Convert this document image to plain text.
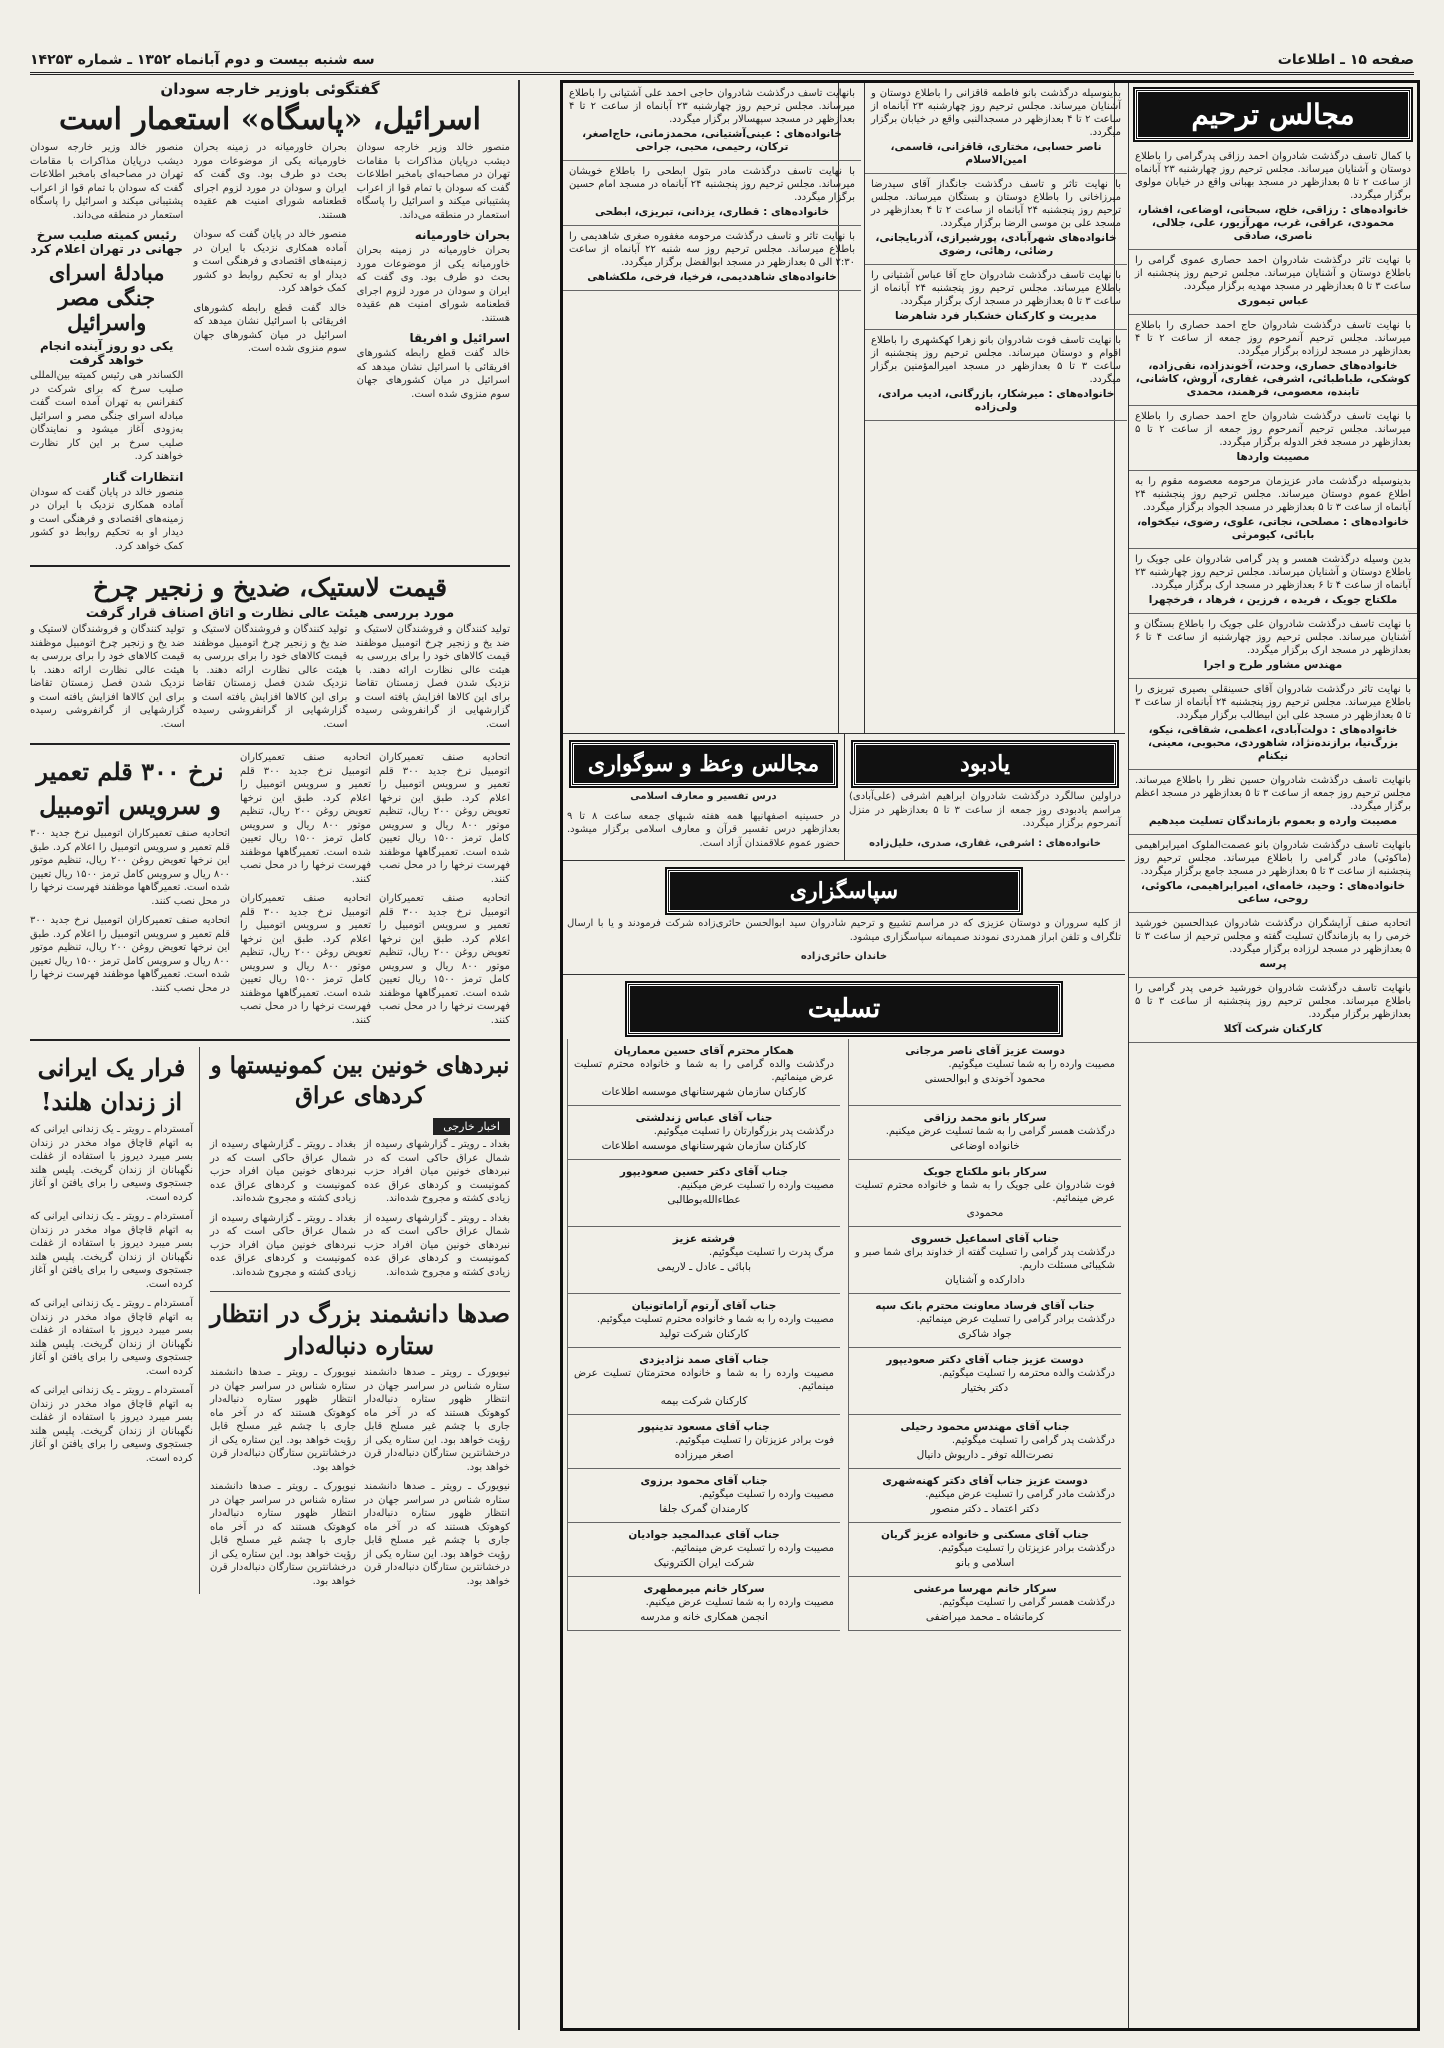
صفحه ۱۵ ـ اطلاعات
سه شنبه بیست و دوم آبانماه ۱۳۵۲ ـ شماره ۱۴۲۵۳
گفتگوئی باوزیر خارجه سودان
اسرائیل، «پاسگاه» استعمار است

منصور خالد وزیر خارجه سودان دیشب درپایان مذاکرات با مقامات تهران در مصاحبه‌ای بامخبر اطلاعات گفت که سودان با تمام قوا از اعراب پشتیبانی میکند و اسرائیل را پاسگاه استعمار در منطقه می‌داند.

بحران خاورمیانه

بحران خاورمیانه در زمینه بحران خاورمیانه یکی از موضوعات مورد بحث دو طرف بود. وی گفت که ایران و سودان در مورد لزوم اجرای قطعنامه شورای امنیت هم عقیده هستند.

اسرائیل و افریقا

خالد گفت قطع رابطه کشورهای افریقائی با اسرائیل نشان میدهد که اسرائیل در میان کشورهای جهان سوم منزوی شده است.

بحران خاورمیانه در زمینه بحران خاورمیانه یکی از موضوعات مورد بحث دو طرف بود. وی گفت که ایران و سودان در مورد لزوم اجرای قطعنامه شورای امنیت هم عقیده هستند.

منصور خالد در پایان گفت که سودان آماده همکاری نزدیک با ایران در زمینه‌های اقتصادی و فرهنگی است و دیدار او به تحکیم روابط دو کشور کمک خواهد کرد.

خالد گفت قطع رابطه کشورهای افریقائی با اسرائیل نشان میدهد که اسرائیل در میان کشورهای جهان سوم منزوی شده است.

منصور خالد وزیر خارجه سودان دیشب درپایان مذاکرات با مقامات تهران در مصاحبه‌ای بامخبر اطلاعات گفت که سودان با تمام قوا از اعراب پشتیبانی میکند و اسرائیل را پاسگاه استعمار در منطقه می‌داند.

رئیس کمیته صلیب سرخ جهانی در تهران اعلام کرد
مبادلهٔ اسرای جنگی مصر واسرائیل
یکی دو روز آینده انجام خواهد گرفت

الکساندر هی رئیس کمیته بین‌المللی صلیب سرخ که برای شرکت در کنفرانس به تهران آمده است گفت مبادله اسرای جنگی مصر و اسرائیل به‌زودی آغاز میشود و نمایندگان صلیب سرخ بر این کار نظارت خواهند کرد.

انتظارات گنار

منصور خالد در پایان گفت که سودان آماده همکاری نزدیک با ایران در زمینه‌های اقتصادی و فرهنگی است و دیدار او به تحکیم روابط دو کشور کمک خواهد کرد.

قیمت لاستیک، ضدیخ و زنجیر چرخ
مورد بررسی هیئت عالی نظارت و اتاق اصناف قرار گرفت

تولید کنندگان و فروشندگان لاستیک و ضد یخ و زنجیر چرخ اتومبیل موظفند قیمت کالاهای خود را برای بررسی به هیئت عالی نظارت ارائه دهند. با نزدیک شدن فصل زمستان تقاضا برای این کالاها افزایش یافته است و گزارشهایی از گرانفروشی رسیده است.

تولید کنندگان و فروشندگان لاستیک و ضد یخ و زنجیر چرخ اتومبیل موظفند قیمت کالاهای خود را برای بررسی به هیئت عالی نظارت ارائه دهند. با نزدیک شدن فصل زمستان تقاضا برای این کالاها افزایش یافته است و گزارشهایی از گرانفروشی رسیده است.

تولید کنندگان و فروشندگان لاستیک و ضد یخ و زنجیر چرخ اتومبیل موظفند قیمت کالاهای خود را برای بررسی به هیئت عالی نظارت ارائه دهند. با نزدیک شدن فصل زمستان تقاضا برای این کالاها افزایش یافته است و گزارشهایی از گرانفروشی رسیده است.

اتحادیه صنف تعمیرکاران اتومبیل نرخ جدید ۳۰۰ قلم تعمیر و سرویس اتومبیل را اعلام کرد. طبق این نرخها تعویض روغن ۲۰۰ ریال، تنظیم موتور ۸۰۰ ریال و سرویس کامل ترمز ۱۵۰۰ ریال تعیین شده است. تعمیرگاهها موظفند فهرست نرخها را در محل نصب کنند.

اتحادیه صنف تعمیرکاران اتومبیل نرخ جدید ۳۰۰ قلم تعمیر و سرویس اتومبیل را اعلام کرد. طبق این نرخها تعویض روغن ۲۰۰ ریال، تنظیم موتور ۸۰۰ ریال و سرویس کامل ترمز ۱۵۰۰ ریال تعیین شده است. تعمیرگاهها موظفند فهرست نرخها را در محل نصب کنند.

اتحادیه صنف تعمیرکاران اتومبیل نرخ جدید ۳۰۰ قلم تعمیر و سرویس اتومبیل را اعلام کرد. طبق این نرخها تعویض روغن ۲۰۰ ریال، تنظیم موتور ۸۰۰ ریال و سرویس کامل ترمز ۱۵۰۰ ریال تعیین شده است. تعمیرگاهها موظفند فهرست نرخها را در محل نصب کنند.

اتحادیه صنف تعمیرکاران اتومبیل نرخ جدید ۳۰۰ قلم تعمیر و سرویس اتومبیل را اعلام کرد. طبق این نرخها تعویض روغن ۲۰۰ ریال، تنظیم موتور ۸۰۰ ریال و سرویس کامل ترمز ۱۵۰۰ ریال تعیین شده است. تعمیرگاهها موظفند فهرست نرخها را در محل نصب کنند.

نرخ ۳۰۰ قلم تعمیر و سرویس اتومبیل

اتحادیه صنف تعمیرکاران اتومبیل نرخ جدید ۳۰۰ قلم تعمیر و سرویس اتومبیل را اعلام کرد. طبق این نرخها تعویض روغن ۲۰۰ ریال، تنظیم موتور ۸۰۰ ریال و سرویس کامل ترمز ۱۵۰۰ ریال تعیین شده است. تعمیرگاهها موظفند فهرست نرخها را در محل نصب کنند.

اتحادیه صنف تعمیرکاران اتومبیل نرخ جدید ۳۰۰ قلم تعمیر و سرویس اتومبیل را اعلام کرد. طبق این نرخها تعویض روغن ۲۰۰ ریال، تنظیم موتور ۸۰۰ ریال و سرویس کامل ترمز ۱۵۰۰ ریال تعیین شده است. تعمیرگاهها موظفند فهرست نرخها را در محل نصب کنند.

نبردهای خونین بین کمونیستها و کردهای عراق
اخبار خارجی

بغداد ـ رویتر ـ گزارشهای رسیده از شمال عراق حاکی است که در نبردهای خونین میان افراد حزب کمونیست و کردهای عراق عده زیادی کشته و مجروح شده‌اند.

بغداد ـ رویتر ـ گزارشهای رسیده از شمال عراق حاکی است که در نبردهای خونین میان افراد حزب کمونیست و کردهای عراق عده زیادی کشته و مجروح شده‌اند.

بغداد ـ رویتر ـ گزارشهای رسیده از شمال عراق حاکی است که در نبردهای خونین میان افراد حزب کمونیست و کردهای عراق عده زیادی کشته و مجروح شده‌اند.

بغداد ـ رویتر ـ گزارشهای رسیده از شمال عراق حاکی است که در نبردهای خونین میان افراد حزب کمونیست و کردهای عراق عده زیادی کشته و مجروح شده‌اند.

صدها دانشمند بزرگ در انتظار ستاره دنباله‌دار

نیویورک ـ رویتر ـ صدها دانشمند ستاره شناس در سراسر جهان در انتظار ظهور ستاره دنباله‌دار کوهوتک هستند که در آخر ماه جاری با چشم غیر مسلح قابل رؤیت خواهد بود. این ستاره یکی از درخشانترین ستارگان دنباله‌دار قرن خواهد بود.

نیویورک ـ رویتر ـ صدها دانشمند ستاره شناس در سراسر جهان در انتظار ظهور ستاره دنباله‌دار کوهوتک هستند که در آخر ماه جاری با چشم غیر مسلح قابل رؤیت خواهد بود. این ستاره یکی از درخشانترین ستارگان دنباله‌دار قرن خواهد بود.

نیویورک ـ رویتر ـ صدها دانشمند ستاره شناس در سراسر جهان در انتظار ظهور ستاره دنباله‌دار کوهوتک هستند که در آخر ماه جاری با چشم غیر مسلح قابل رؤیت خواهد بود. این ستاره یکی از درخشانترین ستارگان دنباله‌دار قرن خواهد بود.

نیویورک ـ رویتر ـ صدها دانشمند ستاره شناس در سراسر جهان در انتظار ظهور ستاره دنباله‌دار کوهوتک هستند که در آخر ماه جاری با چشم غیر مسلح قابل رؤیت خواهد بود. این ستاره یکی از درخشانترین ستارگان دنباله‌دار قرن خواهد بود.

فرار یک ایرانی از زندان هلند!

آمستردام ـ رویتر ـ یک زندانی ایرانی که به اتهام قاچاق مواد مخدر در زندان بسر میبرد دیروز با استفاده از غفلت نگهبانان از زندان گریخت. پلیس هلند جستجوی وسیعی را برای یافتن او آغاز کرده است.

آمستردام ـ رویتر ـ یک زندانی ایرانی که به اتهام قاچاق مواد مخدر در زندان بسر میبرد دیروز با استفاده از غفلت نگهبانان از زندان گریخت. پلیس هلند جستجوی وسیعی را برای یافتن او آغاز کرده است.

آمستردام ـ رویتر ـ یک زندانی ایرانی که به اتهام قاچاق مواد مخدر در زندان بسر میبرد دیروز با استفاده از غفلت نگهبانان از زندان گریخت. پلیس هلند جستجوی وسیعی را برای یافتن او آغاز کرده است.

آمستردام ـ رویتر ـ یک زندانی ایرانی که به اتهام قاچاق مواد مخدر در زندان بسر میبرد دیروز با استفاده از غفلت نگهبانان از زندان گریخت. پلیس هلند جستجوی وسیعی را برای یافتن او آغاز کرده است.

مجالس ترحیم

با کمال تاسف درگذشت شادروان احمد رزاقی پدرگرامی را باطلاع دوستان و آشنایان میرساند. مجلس ترحیم روز چهارشنبه ۲۳ آبانماه از ساعت ۲ تا ۵ بعدازظهر در مسجد بهبانی واقع در خیابان مولوی برگزار میگردد.

خانواده‌های : رزاقی، خلج، سبحانی، اوضاعی، افشار، محمودی، عراقی، غرب، مهرآزیور، علی، جلالی، ناصری، صادقی

با نهایت تاثر درگذشت شادروان احمد حصاری عموی گرامی را باطلاع دوستان و آشنایان میرساند. مجلس ترحیم روز پنجشنبه از ساعت ۳ تا ۵ بعدازظهر در مسجد مهدیه برگزار میگردد.

عباس تیموری

با نهایت تاسف درگذشت شادروان حاج احمد حصاری را باطلاع میرساند. مجلس ترحیم آنمرحوم روز جمعه از ساعت ۲ تا ۴ بعدازظهر در مسجد لرزاده برگزار میگردد.

خانواده‌های حصاری، وحدت، آخوندزاده، نقی‌زاده، کوشکی، طباطبائی، اشرفی، غفاری، آروش، کاشانی، تابنده، معصومی، فرهمند، محمدی

با نهایت تاسف درگذشت شادروان حاج احمد حصاری را باطلاع میرساند. مجلس ترحیم آنمرحوم روز جمعه از ساعت ۲ تا ۵ بعدازظهر در مسجد فخر الدوله برگزار میگردد.

مصیبت واردها

بدینوسیله درگذشت مادر عزیزمان مرحومه معصومه مقوم را به اطلاع عموم دوستان میرساند. مجلس ترحیم روز پنجشنبه ۲۴ آبانماه از ساعت ۳ تا ۵ بعدازظهر در مسجد الجواد برگزار میگردد.

خانواده‌های : مصلحی، نجاتی، علوی، رضوی، نیکخواه، بابائی، کیومرثی

بدین وسیله درگذشت همسر و پدر گرامی شادروان علی جویک را باطلاع دوستان و آشنایان میرساند. مجلس ترحیم روز چهارشنبه ۲۳ آبانماه از ساعت ۴ تا ۶ بعدازظهر در مسجد ارک برگزار میگردد.

ملکتاج جویک ، فریده ، فرزین ، فرهاد ، فرخچهرا

با نهایت تاسف درگذشت شادروان علی جویک را باطلاع بستگان و آشنایان میرساند. مجلس ترحیم روز چهارشنبه از ساعت ۴ تا ۶ بعدازظهر در مسجد ارک برگزار میگردد.

مهندس مشاور طرح و اجرا

با نهایت تاثر درگذشت شادروان آقای حسینقلی بصیری تبریزی را باطلاع میرساند. مجلس ترحیم روز پنجشنبه ۲۴ آبانماه از ساعت ۳ تا ۵ بعدازظهر در مسجد علی ابن ابیطالب برگزار میگردد.

خانواده‌های : دولت‌آبادی، اعظمی، شقاقی، نیکو، بزرگ‌نیا، برازنده‌نژاد، شاهوردی، محبوبی، معینی، نیکنام

بانهایت تاسف درگذشت شادروان حسین نظر را باطلاع میرساند. مجلس ترحیم روز جمعه از ساعت ۳ تا ۵ بعدازظهر در مسجد اعظم برگزار میگردد.

مصیبت وارده و بعموم بازماندگان تسلیت میدهیم

بانهایت تاسف درگذشت شادروان بانو عصمت‌الملوک امیرابراهیمی (ماکوئی) مادر گرامی را باطلاع میرساند. مجلس ترحیم روز پنجشنبه از ساعت ۳ تا ۵ بعدازظهر در مسجد جامع برگزار میگردد.

خانواده‌های : وحید، خامه‌ای، امیرابراهیمی، ماکوئی، روحی، ساعی

اتحادیه صنف آرایشگران درگذشت شادروان عبدالحسین خورشید خرمی را به بازماندگان تسلیت گفته و مجلس ترحیم از ساعت ۳ تا ۵ بعدازظهر در مسجد لرزاده برگزار میگردد.

پرسه

بانهایت تاسف درگذشت شادروان خورشید خرمی پدر گرامی را باطلاع میرساند. مجلس ترحیم روز پنجشنبه از ساعت ۳ تا ۵ بعدازظهر برگزار میگردد.

کارکنان شرکت آکلا

بدینوسیله درگذشت بانو فاطمه قاقزانی را باطلاع دوستان و آشنایان میرساند. مجلس ترحیم روز چهارشنبه ۲۳ آبانماه از ساعت ۲ تا ۴ بعدازظهر در مسجدالنبی واقع در خیابان برگزار میگردد.

ناصر حسابی، مختاری، قاقزانی، قاسمی، امین‌الاسلام

با نهایت تاثر و تاسف درگذشت جانگداز آقای سیدرضا میرزاخانی را باطلاع دوستان و بستگان میرساند. مجلس ترحیم روز پنجشنبه ۲۴ آبانماه از ساعت ۲ تا ۴ بعدازظهر در مسجد علی بن موسی الرضا برگزار میگردد.

خانواده‌های شهرآبادی، پورشیرازی، آذربایجانی، رضائی، رهائی، رضوی

با نهایت تاسف درگذشت شادروان حاج آقا عباس آشتیانی را باطلاع میرساند. مجلس ترحیم روز پنجشنبه ۲۴ آبانماه از ساعت ۳ تا ۵ بعدازظهر در مسجد ارک برگزار میگردد.

مدیریت و کارکنان خشکبار فرد شاهرضا

با نهایت تاسف فوت شادروان بانو زهرا کهکشهری را باطلاع اقوام و دوستان میرساند. مجلس ترحیم روز پنجشنبه از ساعت ۳ تا ۵ بعدازظهر در مسجد امیرالمؤمنین برگزار میگردد.

خانواده‌های : میرشکار، بازرگانی، ادیب مرادی، ولی‌زاده

بانهایت تاسف درگذشت شادروان حاجی احمد علی آشتیانی را باطلاع میرساند. مجلس ترحیم روز چهارشنبه ۲۳ آبانماه از ساعت ۲ تا ۴ بعدازظهر در مسجد سپهسالار برگزار میگردد.

خانواده‌های : عینی‌آشتیانی، محمدزمانی، حاج‌اصغر، ترکان، رحیمی، محبی، جراحی

با نهایت تاسف درگذشت مادر بتول ابطحی را باطلاع خویشان میرساند. مجلس ترحیم روز پنجشنبه ۲۴ آبانماه در مسجد امام حسین برگزار میگردد.

خانواده‌های : قطاری، یزدانی، تبریزی، ابطحی

با نهایت تاثر و تاسف درگذشت مرحومه مغفوره صغری شاهدیمی را باطلاع میرساند. مجلس ترحیم روز سه شنبه ۲۲ آبانماه از ساعت ۲:۳۰ الی ۵ بعدازظهر در مسجد ابوالفضل برگزار میگردد.

خانواده‌های شاهددیمی، فرخیا، فرخی، ملکشاهی

یادبود

دراولین سالگرد درگذشت شادروان ابراهیم اشرفی (علی‌آبادی) مراسم یادبودی روز جمعه از ساعت ۳ تا ۵ بعدازظهر در منزل آنمرحوم برگزار میگردد.

خانواده‌های : اشرفی، غفاری، صدری، خلیل‌زاده

مجالس وعظ و سوگواری

درس تفسیر و معارف اسلامی

در حسینیه اصفهانیها همه هفته شبهای جمعه ساعت ۸ تا ۹ بعدازظهر درس تفسیر قرآن و معارف اسلامی برگزار میشود. حضور عموم علاقمندان آزاد است.

سپاسگزاری

از کلیه سروران و دوستان عزیزی که در مراسم تشییع و ترحیم شادروان سید ابوالحسن حائری‌زاده شرکت فرمودند و یا با ارسال تلگراف و تلفن ابراز همدردی نمودند صمیمانه سپاسگزاری میشود.

خاندان حائری‌زاده

تسلیت

دوست عزیز آقای ناصر مرجانی

مصیبت وارده را به شما تسلیت میگوئیم.

محمود آخوندی و ابوالحسنی

همکار محترم آقای حسین معمارپان

درگذشت والده گرامی را به شما و خانواده محترم تسلیت عرض مینمائیم.

کارکنان سازمان شهرستانهای موسسه اطلاعات

سرکار بانو محمد رزاقی

درگذشت همسر گرامی را به شما تسلیت عرض میکنیم.

خانواده اوضاعی

جناب آقای عباس زندلشتی

درگذشت پدر بزرگوارتان را تسلیت میگوئیم.

کارکنان سازمان شهرستانهای موسسه اطلاعات

سرکار بانو ملکتاج جویک

فوت شادروان علی جویک را به شما و خانواده محترم تسلیت عرض مینمائیم.

محمودی

جناب آقای دکتر حسین صعودیپور

مصیبت وارده را تسلیت عرض میکنیم.

عطاء‌الله‌بوطالبی

جناب آقای اسماعیل خسروی

درگذشت پدر گرامی را تسلیت گفته از خداوند برای شما صبر و شکیبائی مسئلت داریم.

دادارکده و آشنایان

فرشته عزیز

مرگ پدرت را تسلیت میگوئیم.

بابائی ـ عادل ـ لاریمی

جناب آقای فرساد معاونت محترم بانک سپه

درگذشت برادر گرامی را تسلیت عرض مینمائیم.

جواد شاکری

جناب آقای آرتوم آراماتونیان

مصیبت وارده را به شما و خانواده محترم تسلیت میگوئیم.

کارکنان شرکت تولید

دوست عزیز جناب آقای دکتر صعودیپور

درگذشت والده محترمه را تسلیت میگوئیم.

دکتر بختیار

جناب آقای صمد نژادیزدی

مصیبت وارده را به شما و خانواده محترمتان تسلیت عرض مینمائیم.

کارکنان شرکت بیمه

جناب آقای مهندس محمود رحیلی

درگذشت پدر گرامی را تسلیت میگوئیم.

نصرت‌الله توفر ـ داریوش دانیال

جناب آقای مسعود تدینپور

فوت برادر عزیزتان را تسلیت میگوئیم.

اصغر میرزاده

دوست عزیز جناب آقای دکتر کهنه‌شهری

درگذشت مادر گرامی را تسلیت عرض میکنیم.

دکتر اعتماد ـ دکتر منصور

جناب آقای محمود برزوی

مصیبت وارده را تسلیت میگوئیم.

کارمندان گمرک جلفا

جناب آقای مسکنی و خانواده عزیز گریان

درگذشت برادر عزیزتان را تسلیت میگوئیم.

اسلامی و بانو

جناب آقای عبدالمجید جوادیان

مصیبت وارده را تسلیت عرض مینمائیم.

شرکت ایران الکترونیک

سرکار خانم مهرسا مرعشی

درگذشت همسر گرامی را تسلیت میگوئیم.

کرمانشاه ـ محمد میراضفی

سرکار خانم میرمطهری

مصیبت وارده را به شما تسلیت عرض میکنیم.

انجمن همکاری خانه و مدرسه
